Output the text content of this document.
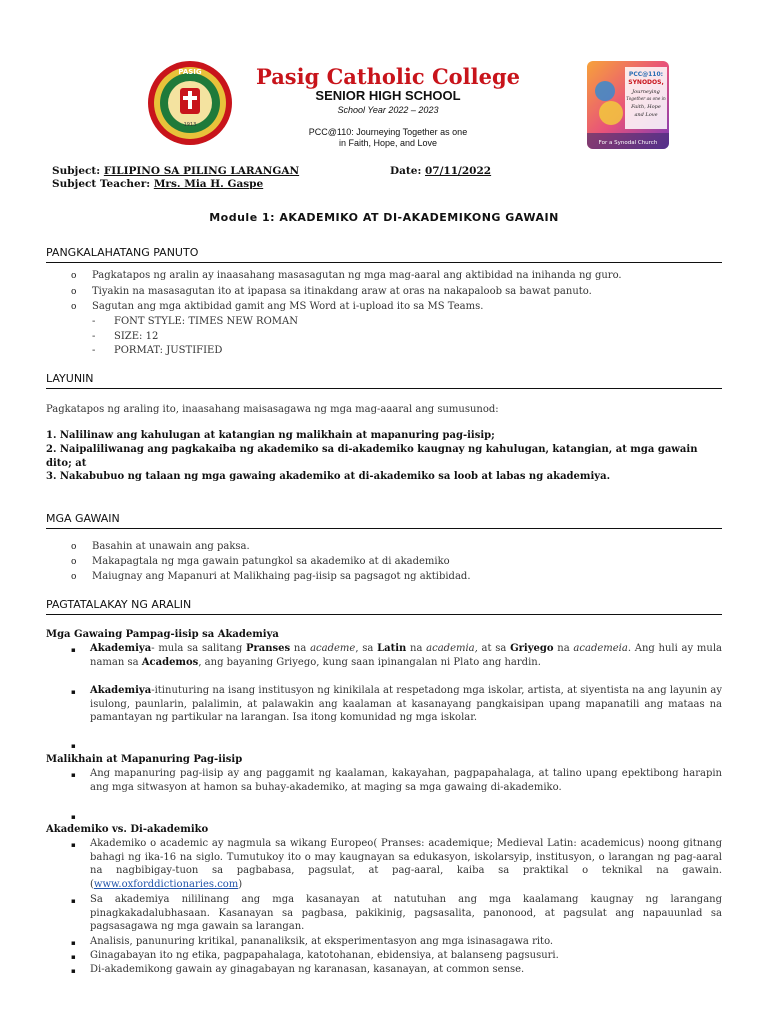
PASIG
1913
Pasig Catholic College
SENIOR HIGH SCHOOL
School Year 2022 – 2023
PCC@110: Journeying Together as one
in Faith, Hope, and Love
PCC@110:
SYNODOS,
Journeying
Together as one in
Faith, Hope
and Love
For a Synodal Church
Subject: FILIPINO SA PILING LARANGAN	Date: 07/11/2022
Subject Teacher: Mrs. Mia H. Gaspe
Module 1: AKADEMIKO AT DI-AKADEMIKONG GAWAIN
PANGKALAHATANG PANUTO
o Pagkatapos ng aralin ay inaasahang masasagutan ng mga mag-aaral ang aktibidad na inihanda ng guro.
o Tiyakin na masasagutan ito at ipapasa sa itinakdang araw at oras na nakapaloob sa bawat panuto.
o Sagutan ang mga aktibidad gamit ang MS Word at i-upload ito sa MS Teams.
- FONT STYLE: TIMES NEW ROMAN
- SIZE: 12
- PORMAT: JUSTIFIED
LAYUNIN
Pagkatapos ng araling ito, inaasahang maisasagawa ng mga mag-aaaral ang sumusunod:
1. Nalilinaw ang kahulugan at katangian ng malikhain at mapanuring pag-iisip;
2. Naipaliliwanag ang pagkakaiba ng akademiko sa di-akademiko kaugnay ng kahulugan, katangian, at mga gawain dito; at
3. Nakabubuo ng talaan ng mga gawaing akademiko at di-akademiko sa loob at labas ng akademiya.
MGA GAWAIN
o Basahin at unawain ang paksa.
o Makapagtala ng mga gawain patungkol sa akademiko at di akademiko
o Maiugnay ang Mapanuri at Malikhaing pag-iisip sa pagsagot ng aktibidad.
PAGTATALAKAY NG ARALIN
Mga Gawaing Pampag-iisip sa Akademiya
▪ Akademiya- mula sa salitang Pranses na academe, sa Latin na academia, at sa Griyego na academeia. Ang huli ay mula naman sa Academos, ang bayaning Griyego, kung saan ipinangalan ni Plato ang hardin.
▪ Akademiya-itinuturing na isang institusyon ng kinikilala at respetadong mga iskolar, artista, at siyentista na ang layunin ay isulong, paunlarin, palalimin, at palawakin ang kaalaman at kasanayang pangkaisipan upang mapanatili ang mataas na pamantayan ng partikular na larangan. Isa itong komunidad ng mga iskolar.
▪
Malikhain at Mapanuring Pag-iisip
▪ Ang mapanuring pag-iisip ay ang paggamit ng kaalaman, kakayahan, pagpapahalaga, at talino upang epektibong harapin ang mga sitwasyon at hamon sa buhay-akademiko, at maging sa mga gawaing di-akademiko.
▪
Akademiko vs. Di-akademiko
▪ Akademiko o academic ay nagmula sa wikang Europeo( Pranses: academique; Medieval Latin: academicus) noong gitnang bahagi ng ika-16 na siglo. Tumutukoy ito o may kaugnayan sa edukasyon, iskolarsyip, institusyon, o larangan ng pag-aaral na nagbibigay-tuon sa pagbabasa, pagsulat, at pag-aaral, kaiba sa praktikal o teknikal na gawain. (www.oxforddictionaries.com)
▪ Sa akademiya nililinang ang mga kasanayan at natutuhan ang mga kaalamang kaugnay ng larangang pinagkakadalubhasaan. Kasanayan sa pagbasa, pakikinig, pagsasalita, panonood, at pagsulat ang napauunlad sa pagsasagawa ng mga gawain sa larangan.
▪ Analisis, panunuring kritikal, pananaliksik, at eksperimentasyon ang mga isinasagawa rito.
▪ Ginagabayan ito ng etika, pagpapahalaga, katotohanan, ebidensiya, at balanseng pagsusuri.
▪ Di-akademikong gawain ay ginagabayan ng karanasan, kasanayan, at common sense.
